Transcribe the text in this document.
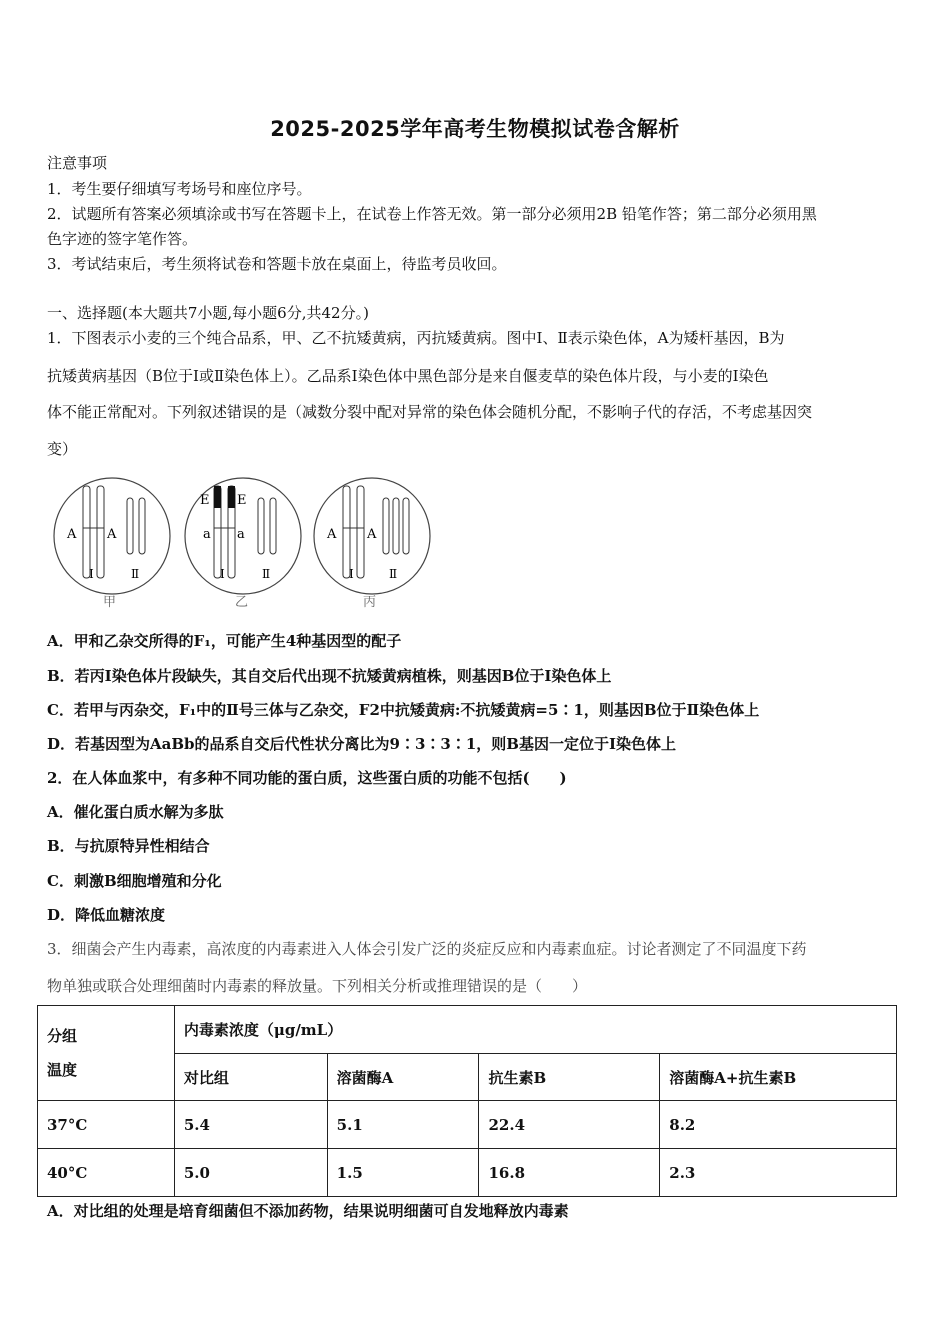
2025-2025学年高考生物模拟试卷含解析
注意事项
1．考生要仔细填写考场号和座位序号。
2．试题所有答案必须填涂或书写在答题卡上，在试卷上作答无效。第一部分必须用2B 铅笔作答；第二部分必须用黑
色字迹的签字笔作答。
3．考试结束后，考生须将试卷和答题卡放在桌面上，待监考员收回。
一、选择题(本大题共7小题,每小题6分,共42分。)
1．下图表示小麦的三个纯合品系，甲、乙不抗矮黄病，丙抗矮黄病。图中Ⅰ、Ⅱ表示染色体，A为矮杆基因，B为
抗矮黄病基因（B位于Ⅰ或Ⅱ染色体上）。乙品系Ⅰ染色体中黑色部分是来自偃麦草的染色体片段，与小麦的Ⅰ染色
体不能正常配对。下列叙述错误的是（减数分裂中配对异常的染色体会随机分配，不影响子代的存活，不考虑基因突
变）
A A
Ⅰ	Ⅱ
甲
E E
a a
Ⅰ	Ⅱ
乙
A A
Ⅰ	Ⅱ
丙
A．甲和乙杂交所得的F₁，可能产生4种基因型的配子
B．若丙Ⅰ染色体片段缺失，其自交后代出现不抗矮黄病植株，则基因B位于Ⅰ染色体上
C．若甲与丙杂交，F₁中的Ⅱ号三体与乙杂交，F2中抗矮黄病:不抗矮黄病=5∶1，则基因B位于Ⅱ染色体上
D．若基因型为AaBb的品系自交后代性状分离比为9∶3∶3∶1，则B基因一定位于Ⅰ染色体上
2．在人体血浆中，有多种不同功能的蛋白质，这些蛋白质的功能不包括(　　)
A．催化蛋白质水解为多肽
B．与抗原特异性相结合
C．刺激B细胞增殖和分化
D．降低血糖浓度
3．细菌会产生内毒素，高浓度的内毒素进入人体会引发广泛的炎症反应和内毒素血症。讨论者测定了不同温度下药
物单独或联合处理细菌时内毒素的释放量。下列相关分析或推理错误的是（　　）
分组
温度	内毒素浓度（μg/mL）			
	对比组	溶菌酶A	抗生素B	溶菌酶A+抗生素B
37°C	5.4	5.1	22.4	8.2
40°C	5.0	1.5	16.8	2.3
A．对比组的处理是培育细菌但不添加药物，结果说明细菌可自发地释放内毒素
